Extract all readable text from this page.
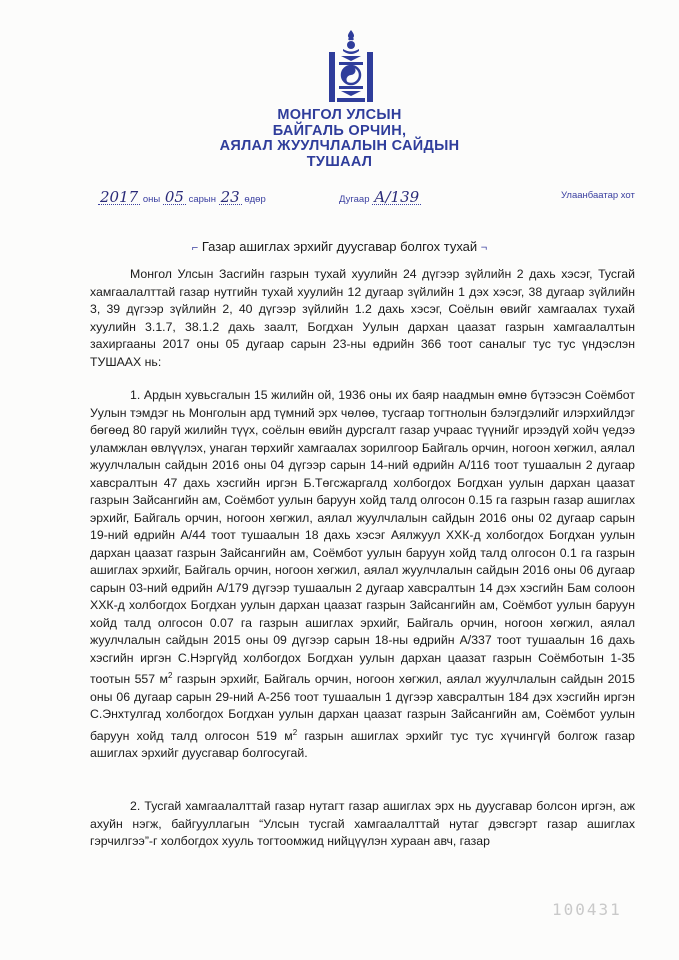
МОНГОЛ УЛСЫН
БАЙГАЛЬ ОРЧИН,
АЯЛАЛ ЖУУЛЧЛАЛЫН САЙДЫН
ТУШААЛ
2017 оны 05 сарын 23 өдөр	Дугаар А/139	Улаанбаатар хот
⌐ Газар ашиглах эрхийг дуусгавар болгох тухай ¬

Монгол Улсын Засгийн газрын тухай хуулийн 24 дүгээр зүйлийн 2 дахь хэсэг, Тусгай хамгаалалттай газар нутгийн тухай хуулийн 12 дугаар зүйлийн 1 дэх хэсэг, 38 дугаар зүйлийн 3, 39 дүгээр зүйлийн 2, 40 дүгээр зүйлийн 1.2 дахь хэсэг, Соёлын өвийг хамгаалах тухай хуулийн 3.1.7, 38.1.2 дахь заалт, Богдхан Уулын дархан цаазат газрын хамгаалалтын захиргааны 2017 оны 05 дугаар сарын 23-ны өдрийн 366 тоот саналыг тус тус үндэслэн ТУШААХ нь:

1. Ардын хувьсгалын 15 жилийн ой, 1936 оны их баяр наадмын өмнө бүтээсэн Соёмбот Уулын тэмдэг нь Монголын ард түмний эрх чөлөө, тусгаар тогтнолын бэлэгдэлийг илэрхийлдэг бөгөөд 80 гаруй жилийн түүх, соёлын өвийн дурсгалт газар учраас түүнийг ирээдүй хойч үедээ уламжлан өвлүүлэх, унаган төрхийг хамгаалах зорилгоор Байгаль орчин, ногоон хөгжил, аялал жуулчлалын сайдын 2016 оны 04 дүгээр сарын 14-ний өдрийн А/116 тоот тушаалын 2 дугаар хавсралтын 47 дахь хэсгийн иргэн Б.Төгсжаргалд холбогдох Богдхан уулын дархан цаазат газрын Зайсангийн ам, Соёмбот уулын баруун хойд талд олгосон 0.15 га газрын газар ашиглах эрхийг, Байгаль орчин, ногоон хөгжил, аялал жуулчлалын сайдын 2016 оны 02 дугаар сарын 19-ний өдрийн А/44 тоот тушаалын 18 дахь хэсэг Аялжуул ХХК-д холбогдох Богдхан уулын дархан цаазат газрын Зайсангийн ам, Соёмбот уулын баруун хойд талд олгосон 0.1 га газрын ашиглах эрхийг, Байгаль орчин, ногоон хөгжил, аялал жуулчлалын сайдын 2016 оны 06 дугаар сарын 03-ний өдрийн А/179 дүгээр тушаалын 2 дугаар хавсралтын 14 дэх хэсгийн Бам солоон ХХК-д холбогдох Богдхан уулын дархан цаазат газрын Зайсангийн ам, Соёмбот уулын баруун хойд талд олгосон 0.07 га газрын ашиглах эрхийг, Байгаль орчин, ногоон хөгжил, аялал жуулчлалын сайдын 2015 оны 09 дүгээр сарын 18-ны өдрийн А/337 тоот тушаалын 16 дахь хэсгийн иргэн С.Нэргүйд холбогдох Богдхан уулын дархан цаазат газрын Соёмботын 1-35 тоотын 557 $м^2$ газрын эрхийг, Байгаль орчин, ногоон хөгжил, аялал жуулчлалын сайдын 2015 оны 06 дугаар сарын 29-ний А-256 тоот тушаалын 1 дүгээр хавсралтын 184 дэх хэсгийн иргэн С.Энхтулгад холбогдох Богдхан уулын дархан цаазат газрын Зайсангийн ам, Соёмбот уулын баруун хойд талд олгосон 519 $м^2$ газрын ашиглах эрхийг тус тус хүчингүй болгож газар ашиглах эрхийг дуусгавар болгосугай.

2. Тусгай хамгаалалттай газар нутагт газар ашиглах эрх нь дуусгавар болсон иргэн, аж ахуйн нэгж, байгууллагын “Улсын тусгай хамгаалалттай нутаг дэвсгэрт газар ашиглах гэрчилгээ”-г холбогдох хууль тогтоомжид нийцүүлэн хураан авч, газар

100431
